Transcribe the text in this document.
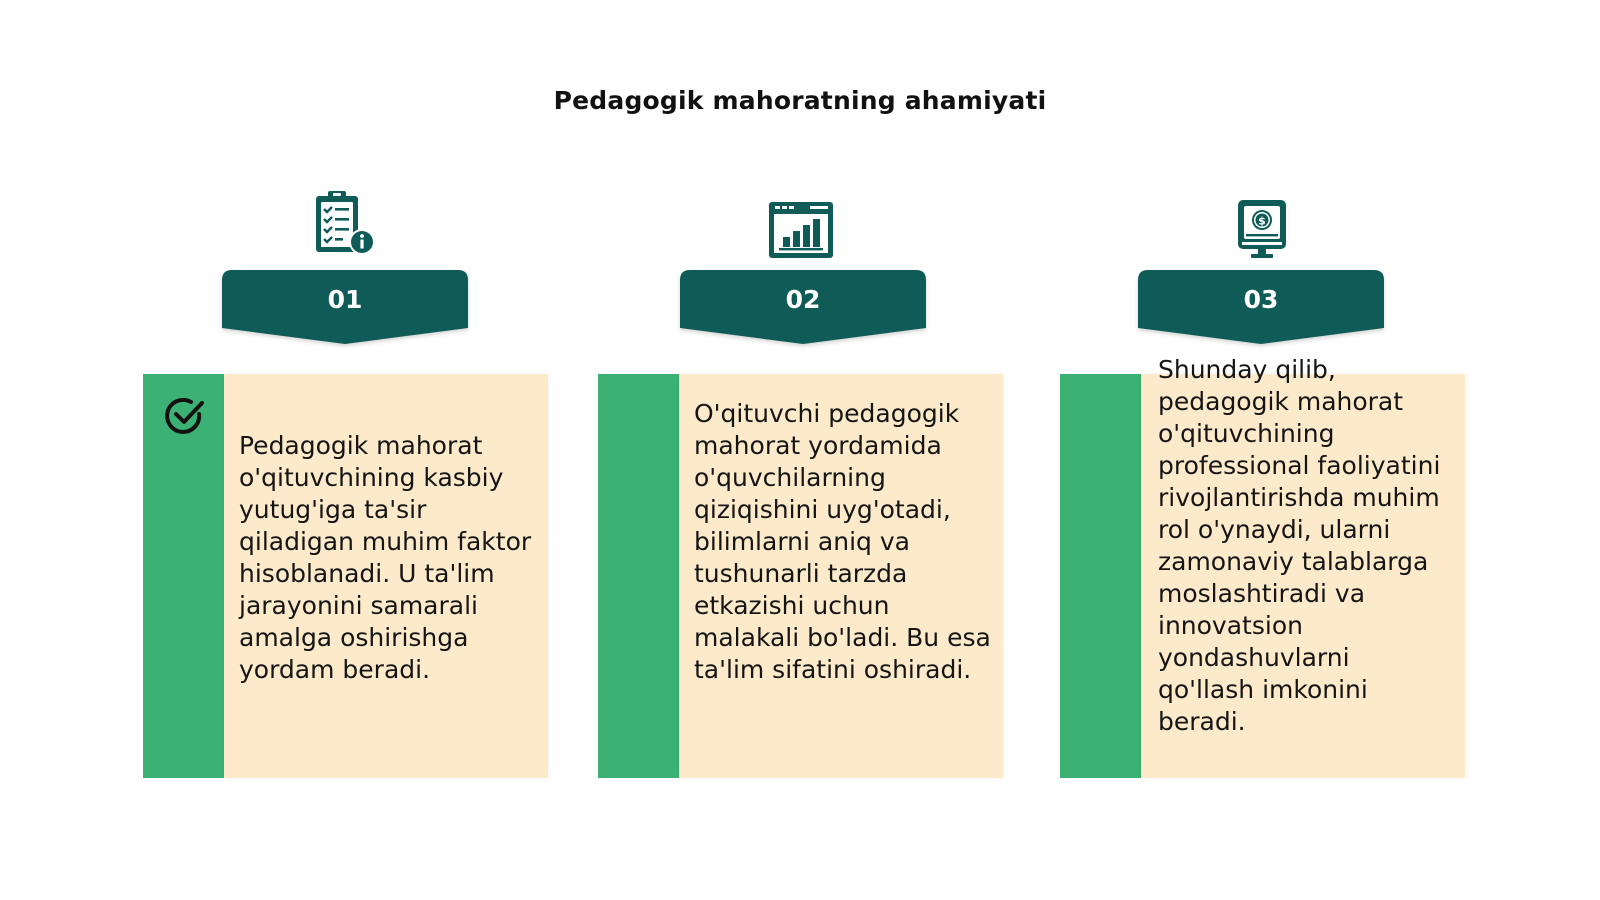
Pedagogik mahoratning ahamiyati
$
01	02	03
Pedagogik mahorat o'qituvchining kasbiy yutug'iga ta'sir qiladigan muhim faktor hisoblanadi. U ta'lim jarayonini samarali amalga oshirishga yordam beradi.
O'qituvchi pedagogik mahorat yordamida o'quvchilarning qiziqishini uyg'otadi, bilimlarni aniq va tushunarli tarzda etkazishi uchun malakali bo'ladi. Bu esa ta'lim sifatini oshiradi.
Shunday qilib, pedagogik mahorat o'qituvchining professional faoliyatini rivojlantirishda muhim rol o'ynaydi, ularni zamonaviy talablarga moslashtiradi va innovatsion yondashuvlarni qo'llash imkonini beradi.
